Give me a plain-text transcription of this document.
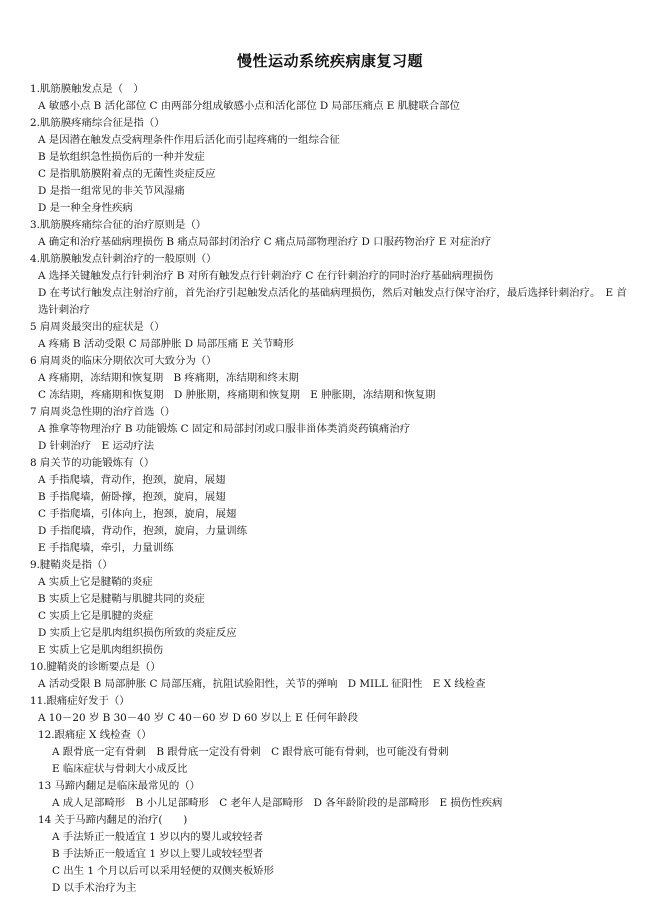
慢性运动系统疾病康复习题
1.肌筋膜触发点是（　）
A 敏感小点 B 活化部位 C 由两部分组成敏感小点和活化部位 D 局部压痛点 E 肌腱联合部位
2.肌筋膜疼痛综合征是指（）
A 是因潜在触发点受病理条件作用后活化而引起疼痛的一组综合征
B 是软组织急性损伤后的一种并发症
C 是指肌筋膜附着点的无菌性炎症反应
D 是指一组常见的非关节风湿痛
D 是一种全身性疾病
3.肌筋膜疼痛综合征的治疗原则是（）
A 确定和治疗基础病理损伤 B 痛点局部封闭治疗 C 痛点局部物理治疗 D 口服药物治疗 E 对症治疗
4.肌筋膜触发点针刺治疗的一般原则（）
A 选择关键触发点行针刺治疗 B 对所有触发点行针刺治疗 C 在行针刺治疗的同时治疗基础病理损伤
D 在考试行触发点注射治疗前，首先治疗引起触发点活化的基础病理损伤，然后对触发点行保守治疗，最后选择针刺治疗。　E 首选针刺治疗
5 肩周炎最突出的症状是（）
A 疼痛 B 活动受限 C 局部肿胀 D 局部压痛 E 关节畸形
6 肩周炎的临床分期依次可大致分为（）
A 疼痛期，冻结期和恢复期　B 疼痛期，冻结期和终末期
C 冻结期，疼痛期和恢复期　D 肿胀期，疼痛期和恢复期　E 肿胀期，冻结期和恢复期
7 肩周炎急性期的治疗首选（）
A 推拿等物理治疗 B 功能锻炼 C 固定和局部封闭或口服非甾体类消炎药镇痛治疗
D 针刺治疗　E 运动疗法
8 肩关节的功能锻炼有（）
A 手指爬墙，背动作，抱颈，旋肩，展翅
B 手指爬墙，俯卧撑，抱颈，旋肩，展翅
C 手指爬墙，引体向上，抱颈，旋肩，展翅
D 手指爬墙，背动作，抱颈，旋肩，力量训练
E 手指爬墙，牵引，力量训练
9.腱鞘炎是指（）
A 实质上它是腱鞘的炎症
B 实质上它是腱鞘与肌腱共同的炎症
C 实质上它是肌腱的炎症
D 实质上它是肌肉组织损伤所致的炎症反应
E 实质上它是肌肉组织损伤
10.腱鞘炎的诊断要点是（）
A 活动受限 B 局部肿胀 C 局部压痛，抗阻试验阳性，关节的弹响　D MILL 征阳性　E X 线检查
11.跟痛症好发于（）
A 10－20 岁 B 30－40 岁 C 40－60 岁 D 60 岁以上 E 任何年龄段
12.跟痛症 X 线检查（）
A 跟骨底一定有骨刺　B 跟骨底一定没有骨刺　C 跟骨底可能有骨刺，也可能没有骨刺
E 临床症状与骨刺大小成反比
13 马蹄内翻足是临床最常见的（）
A 成人足部畸形　B 小儿足部畸形　C 老年人是部畸形　D 各年龄阶段的是部畸形　E 损伤性疾病
14 关于马蹄内翻足的治疗(　　)
A 手法矫正一般适宜 1 岁以内的婴儿或较轻者
B 手法矫正一般适宜 1 岁以上婴儿或较轻型者
C 出生 1 个月以后可以采用轻便的双侧夹板矫形
D 以手术治疗为主
